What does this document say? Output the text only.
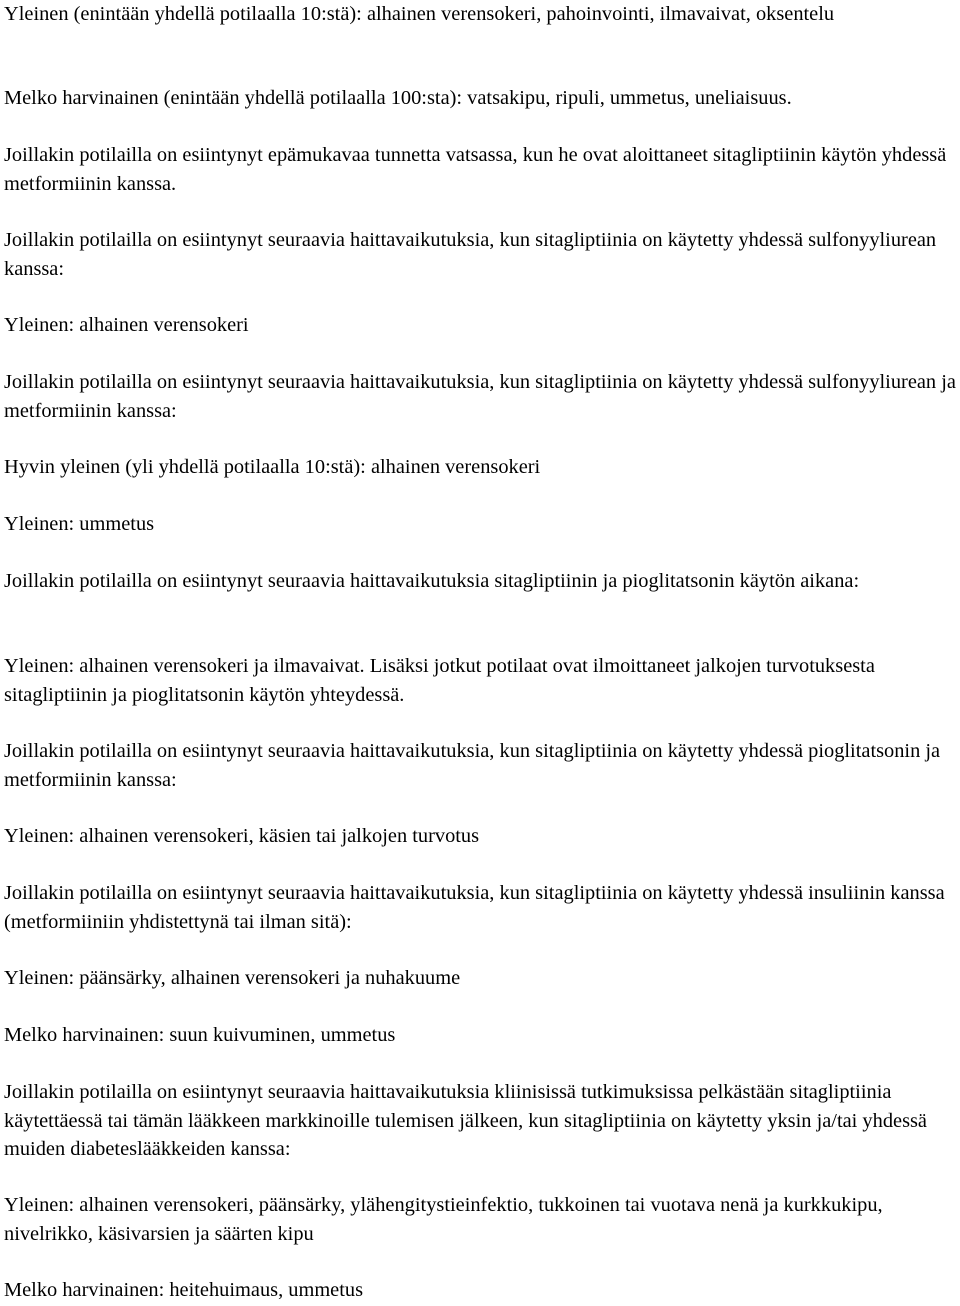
Yleinen (enintään yhdellä potilaalla 10:stä): alhainen verensokeri, pahoinvointi, ilmavaivat, oksentelu

Melko harvinainen (enintään yhdellä potilaalla 100:sta): vatsakipu, ripuli, ummetus, uneliaisuus.

Joillakin potilailla on esiintynyt epämukavaa tunnetta vatsassa, kun he ovat aloittaneet sitagliptiinin käytön yhdessä metformiinin kanssa.

Joillakin potilailla on esiintynyt seuraavia haittavaikutuksia, kun sitagliptiinia on käytetty yhdessä sulfonyyliurean kanssa:

Yleinen: alhainen verensokeri

Joillakin potilailla on esiintynyt seuraavia haittavaikutuksia, kun sitagliptiinia on käytetty yhdessä sulfonyyliurean ja metformiinin kanssa:

Hyvin yleinen (yli yhdellä potilaalla 10:stä): alhainen verensokeri

Yleinen: ummetus

Joillakin potilailla on esiintynyt seuraavia haittavaikutuksia sitagliptiinin ja pioglitatsonin käytön aikana:

Yleinen: alhainen verensokeri ja ilmavaivat. Lisäksi jotkut potilaat ovat ilmoittaneet jalkojen turvotuksesta sitagliptiinin ja pioglitatsonin käytön yhteydessä.

Joillakin potilailla on esiintynyt seuraavia haittavaikutuksia, kun sitagliptiinia on käytetty yhdessä pioglitatsonin ja metformiinin kanssa:

Yleinen: alhainen verensokeri, käsien tai jalkojen turvotus

Joillakin potilailla on esiintynyt seuraavia haittavaikutuksia, kun sitagliptiinia on käytetty yhdessä insuliinin kanssa (metformiiniin yhdistettynä tai ilman sitä):

Yleinen: päänsärky, alhainen verensokeri ja nuhakuume

Melko harvinainen: suun kuivuminen, ummetus

Joillakin potilailla on esiintynyt seuraavia haittavaikutuksia kliinisissä tutkimuksissa pelkästään sitagliptiinia käytettäessä tai tämän lääkkeen markkinoille tulemisen jälkeen, kun sitagliptiinia on käytetty yksin ja/tai yhdessä muiden diabeteslääkkeiden kanssa:

Yleinen: alhainen verensokeri, päänsärky, ylähengitystieinfektio, tukkoinen tai vuotava nenä ja kurkkukipu, nivelrikko, käsivarsien ja säärten kipu

Melko harvinainen: heitehuimaus, ummetus
